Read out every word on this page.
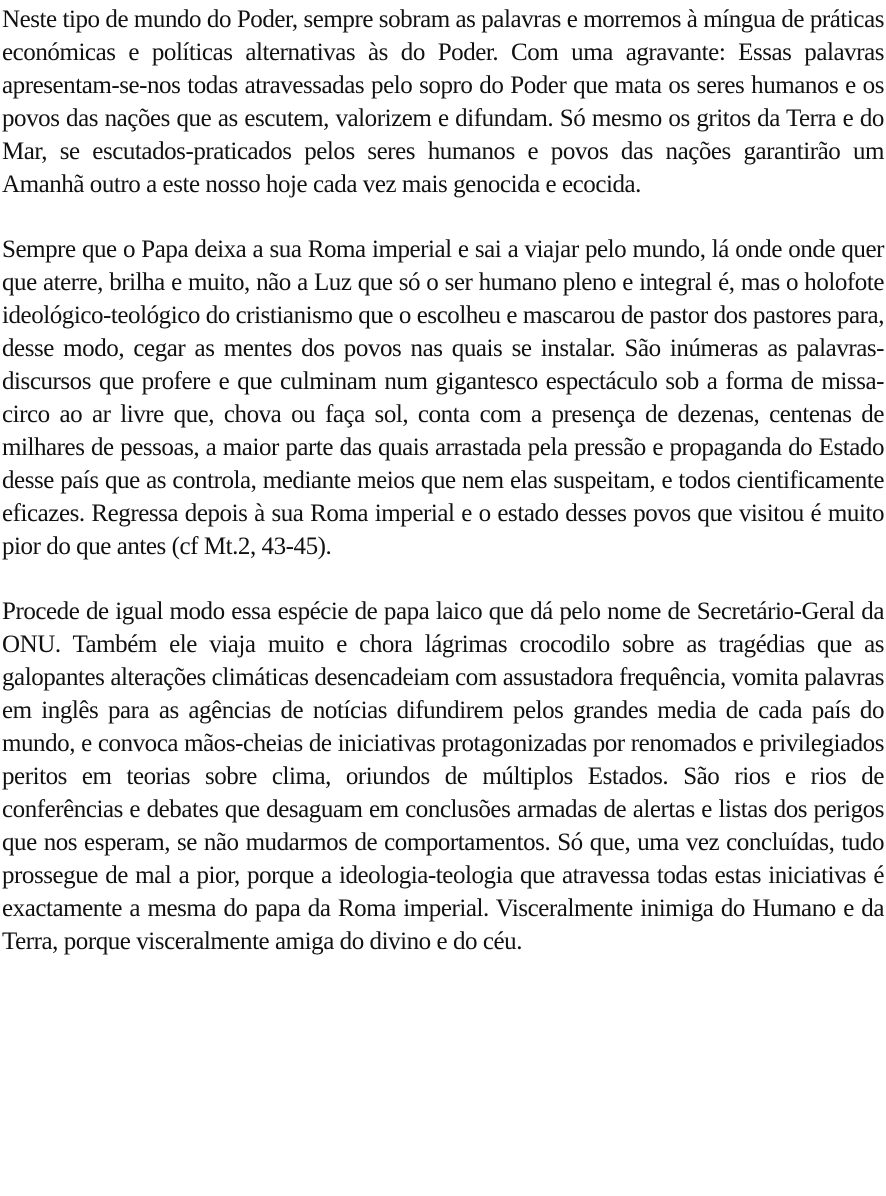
Neste tipo de mundo do Poder, sempre sobram as palavras e morremos à míngua de práticas económicas e políticas alternativas às do Poder. Com uma agravante: Essas palavras apresentam-se-nos todas atravessadas pelo sopro do Poder que mata os seres humanos e os povos das nações que as escutem, valorizem e difundam. Só mesmo os gritos da Terra e do Mar, se escutados-praticados pelos seres humanos e povos das nações garantirão um Amanhã outro a este nosso hoje cada vez mais genocida e ecocida.

Sempre que o Papa deixa a sua Roma imperial e sai a viajar pelo mundo, lá onde onde quer que aterre, brilha e muito, não a Luz que só o ser humano pleno e integral é, mas o holofote ideológico-teológico do cristianismo que o escolheu e mascarou de pastor dos pastores para, desse modo, cegar as mentes dos povos nas quais se instalar. São inúmeras as palavras-discursos que profere e que culminam num gigantesco espectáculo sob a forma de missa-circo ao ar livre que, chova ou faça sol, conta com a presença de dezenas, centenas de milhares de pessoas, a maior parte das quais arrastada pela pressão e propaganda do Estado desse país que as controla, mediante meios que nem elas suspeitam, e todos cientificamente eficazes. Regressa depois à sua Roma imperial e o estado desses povos que visitou é muito pior do que antes (cf Mt.2, 43-45).

Procede de igual modo essa espécie de papa laico que dá pelo nome de Secretário-Geral da ONU. Também ele viaja muito e chora lágrimas crocodilo sobre as tragédias que as galopantes alterações climáticas desencadeiam com assustadora frequência, vomita palavras em inglês para as agências de notícias difundirem pelos grandes media de cada país do mundo, e convoca mãos-cheias de iniciativas protagonizadas por renomados e privilegiados peritos em teorias sobre clima, oriundos de múltiplos Estados. São rios e rios de conferências e debates que desaguam em conclusões armadas de alertas e listas dos perigos que nos esperam, se não mudarmos de comportamentos. Só que, uma vez concluídas, tudo prossegue de mal a pior, porque a ideologia-teologia que atravessa todas estas iniciativas é exactamente a mesma do papa da Roma imperial. Visceralmente inimiga do Humano e da Terra, porque visceralmente amiga do divino e do céu.
